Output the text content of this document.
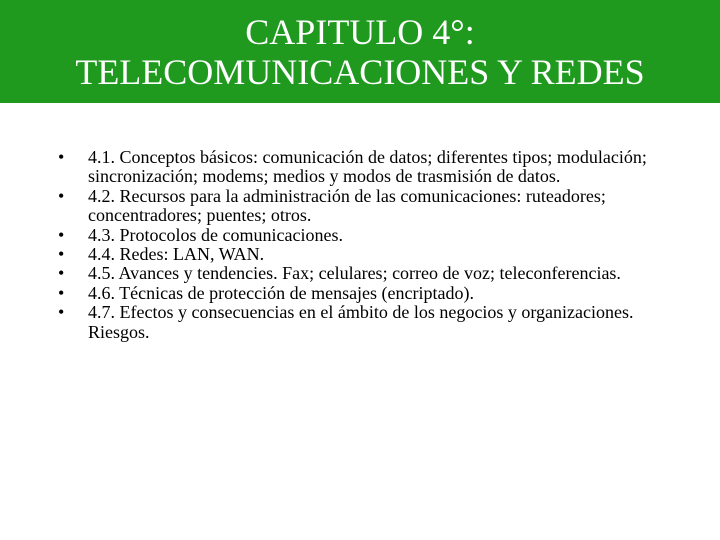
CAPITULO 4°:
TELECOMUNICACIONES Y REDES
• 4.1. Conceptos básicos: comunicación de datos; diferentes tipos; modulación; sincronización; modems; medios y modos de trasmisión de datos.
• 4.2. Recursos para la administración de las comunicaciones: ruteadores; concentradores; puentes; otros.
• 4.3. Protocolos de comunicaciones.
• 4.4. Redes: LAN, WAN.
• 4.5. Avances y tendencies. Fax; celulares; correo de voz; teleconferencias.
• 4.6. Técnicas de protección de mensajes (encriptado).
• 4.7. Efectos y consecuencias en el ámbito de los negocios y organizaciones. Riesgos.
